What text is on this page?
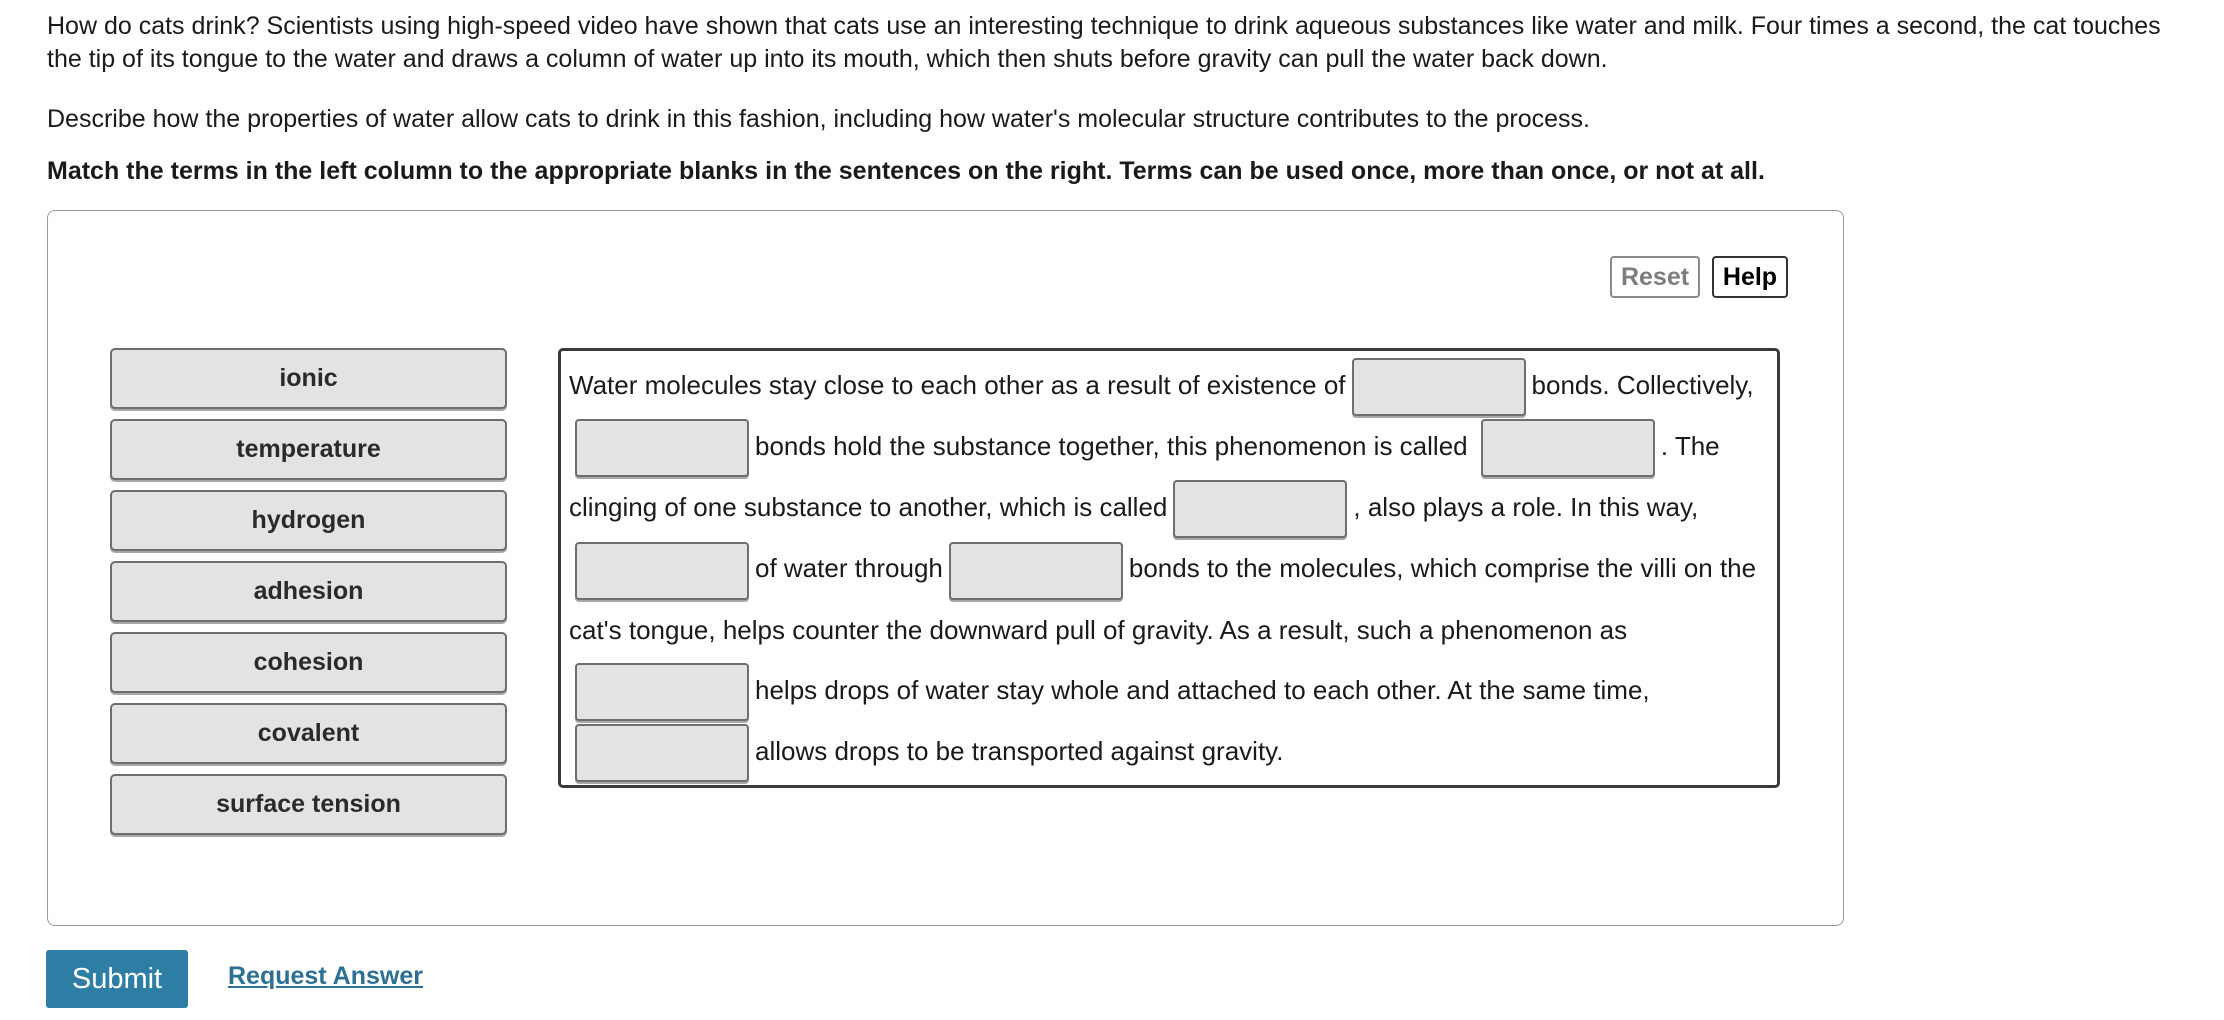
How do cats drink? Scientists using high-speed video have shown that cats use an interesting technique to drink aqueous substances like water and milk. Four times a second, the cat touches the tip of its tongue to the water and draws a column of water up into its mouth, which then shuts before gravity can pull the water back down.

Describe how the properties of water allow cats to drink in this fashion, including how water's molecular structure contributes to the process.

Match the terms in the left column to the appropriate blanks in the sentences on the right. Terms can be used once, more than once, or not at all.

Reset	Help
ionic
temperature
hydrogen
adhesion
cohesion
covalent
surface tension
Water molecules stay close to each other as a result of existence of	bonds. Collectively,bonds hold the substance together, this phenomenon is called	. The clinging of one substance to another, which is called	, also plays a role. In this way,of water through	bonds to the molecules, which comprise the villi on the cat's tongue, helps counter the downward pull of gravity. As a result, such a phenomenon ashelps drops of water stay whole and attached to each other. At the same time,allows drops to be transported against gravity.
Submit	Request Answer
